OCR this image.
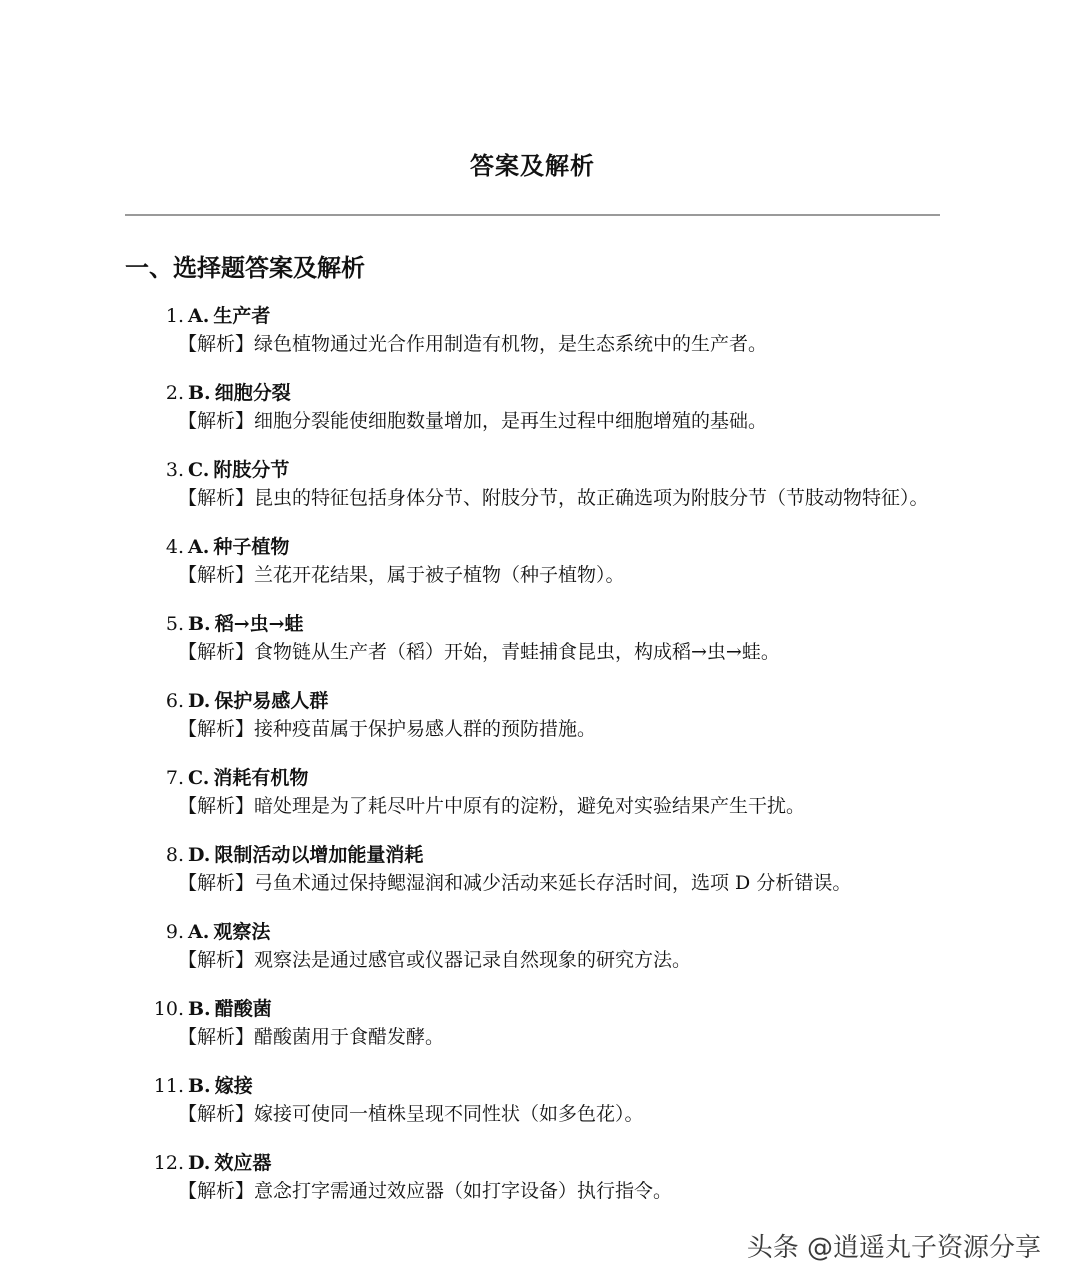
答案及解析
一、选择题答案及解析
1. A. 生产者
【解析】绿色植物通过光合作用制造有机物，是生态系统中的生产者。
2. B. 细胞分裂
【解析】细胞分裂能使细胞数量增加，是再生过程中细胞增殖的基础。
3. C. 附肢分节
【解析】昆虫的特征包括身体分节、附肢分节，故正确选项为附肢分节（节肢动物特征）。
4. A. 种子植物
【解析】兰花开花结果，属于被子植物（种子植物）。
5. B. 稻→虫→蛙
【解析】食物链从生产者（稻）开始，青蛙捕食昆虫，构成稻→虫→蛙。
6. D. 保护易感人群
【解析】接种疫苗属于保护易感人群的预防措施。
7. C. 消耗有机物
【解析】暗处理是为了耗尽叶片中原有的淀粉，避免对实验结果产生干扰。
8. D. 限制活动以增加能量消耗
【解析】弓鱼术通过保持鳃湿润和减少活动来延长存活时间，选项 D 分析错误。
9. A. 观察法
【解析】观察法是通过感官或仪器记录自然现象的研究方法。
10. B. 醋酸菌
【解析】醋酸菌用于食醋发酵。
11. B. 嫁接
【解析】嫁接可使同一植株呈现不同性状（如多色花）。
12. D. 效应器
【解析】意念打字需通过效应器（如打字设备）执行指令。
头条 @逍遥丸子资源分享
